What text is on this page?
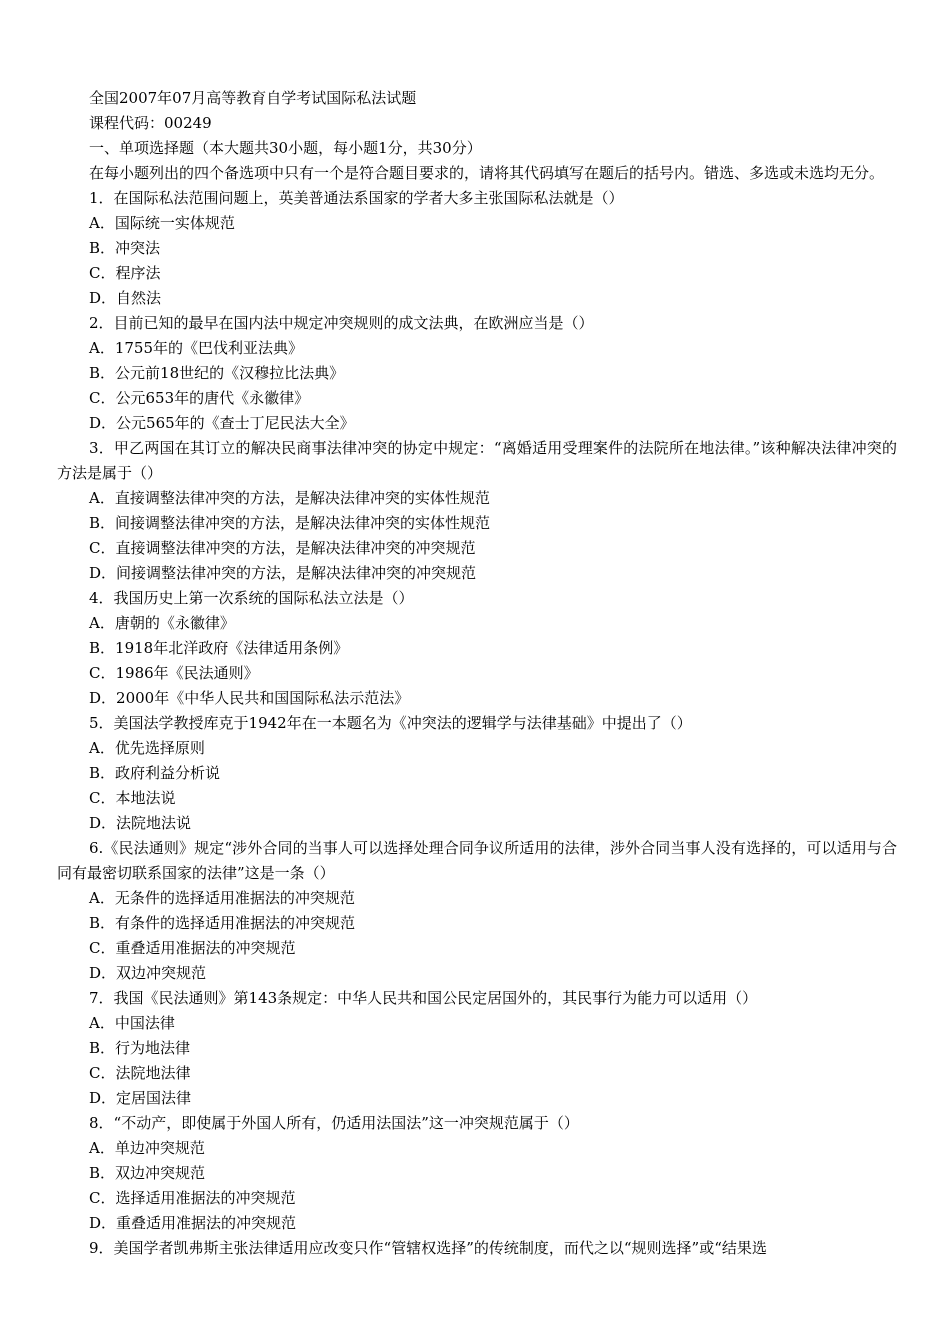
全国2007年07月高等教育自学考试国际私法试题

课程代码：00249

一、单项选择题（本大题共30小题，每小题1分，共30分）

在每小题列出的四个备选项中只有一个是符合题目要求的，请将其代码填写在题后的括号内。错选、多选或未选均无分。

1．在国际私法范围问题上，英美普通法系国家的学者大多主张国际私法就是（）

A．国际统一实体规范

B．冲突法

C．程序法

D．自然法

2．目前已知的最早在国内法中规定冲突规则的成文法典，在欧洲应当是（）

A．1755年的《巴伐利亚法典》

B．公元前18世纪的《汉穆拉比法典》

C．公元653年的唐代《永徽律》

D．公元565年的《查士丁尼民法大全》

3．甲乙两国在其订立的解决民商事法律冲突的协定中规定：“离婚适用受理案件的法院所在地法律。”该种解决法律冲突的方法是属于（）

A．直接调整法律冲突的方法，是解决法律冲突的实体性规范

B．间接调整法律冲突的方法，是解决法律冲突的实体性规范

C．直接调整法律冲突的方法，是解决法律冲突的冲突规范

D．间接调整法律冲突的方法，是解决法律冲突的冲突规范

4．我国历史上第一次系统的国际私法立法是（）

A．唐朝的《永徽律》

B．1918年北洋政府《法律适用条例》

C．1986年《民法通则》

D．2000年《中华人民共和国国际私法示范法》

5．美国法学教授库克于1942年在一本题名为《冲突法的逻辑学与法律基础》中提出了（）

A．优先选择原则

B．政府利益分析说

C．本地法说

D．法院地法说

6.《民法通则》规定“涉外合同的当事人可以选择处理合同争议所适用的法律，涉外合同当事人没有选择的，可以适用与合同有最密切联系国家的法律”这是一条（）

A．无条件的选择适用准据法的冲突规范

B．有条件的选择适用准据法的冲突规范

C．重叠适用准据法的冲突规范

D．双边冲突规范

7．我国《民法通则》第143条规定：中华人民共和国公民定居国外的，其民事行为能力可以适用（）

A．中国法律

B．行为地法律

C．法院地法律

D．定居国法律

8．“不动产，即使属于外国人所有，仍适用法国法”这一冲突规范属于（）

A．单边冲突规范

B．双边冲突规范

C．选择适用准据法的冲突规范

D．重叠适用准据法的冲突规范

9．美国学者凯弗斯主张法律适用应改变只作“管辖权选择”的传统制度，而代之以“规则选择”或“结果选
